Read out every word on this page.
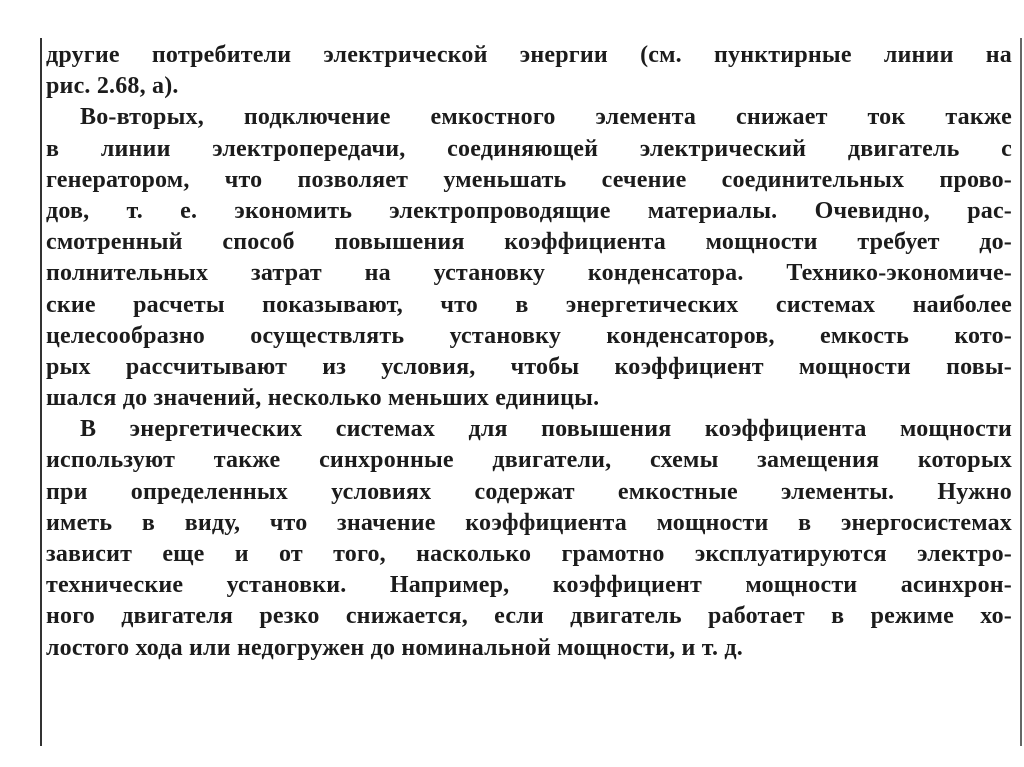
другие потребители электрической энергии (см. пунктирные линии на
рис. 2.68, a).
Во-вторых, подключение емкостного элемента снижает ток также
в линии электропередачи, соединяющей электрический двигатель с
генератором, что позволяет уменьшать сечение соединительных прово-
дов, т. е. экономить электропроводящие материалы. Очевидно, рас-
смотренный способ повышения коэффициента мощности требует до-
полнительных затрат на установку конденсатора. Технико-экономиче-
ские расчеты показывают, что в энергетических системах наиболее
целесообразно осуществлять установку конденсаторов, емкость кото-
рых рассчитывают из условия, чтобы коэффициент мощности повы-
шался до значений, несколько меньших единицы.
В энергетических системах для повышения коэффициента мощности
используют также синхронные двигатели, схемы замещения которых
при определенных условиях содержат емкостные элементы. Нужно
иметь в виду, что значение коэффициента мощности в энергосистемах
зависит еще и от того, насколько грамотно эксплуатируются электро-
технические установки. Например, коэффициент мощности асинхрон-
ного двигателя резко снижается, если двигатель работает в режиме хо-
лостого хода или недогружен до номинальной мощности, и т. д.
